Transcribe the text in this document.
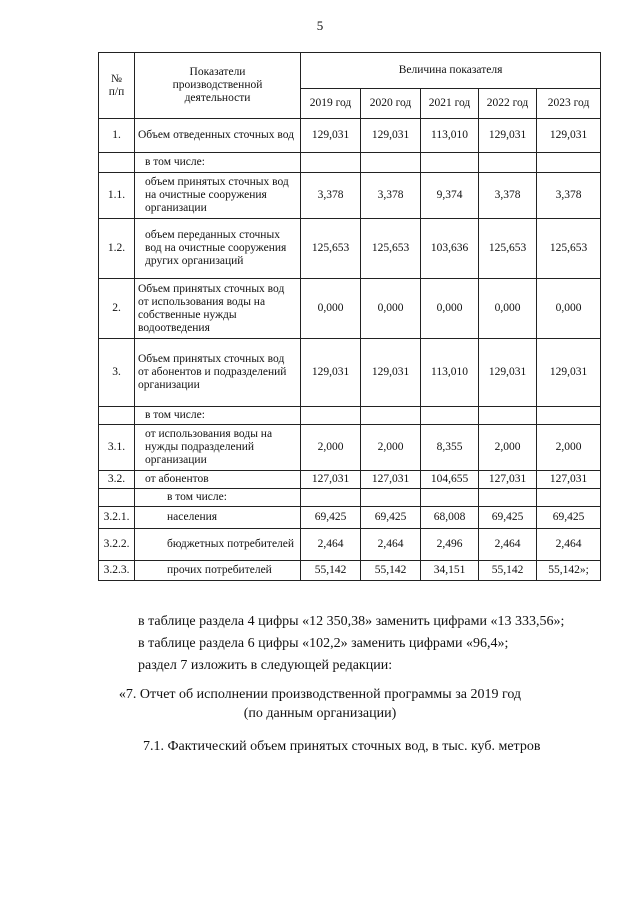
5
№
п/п	Показатели
производственной
деятельности	Величина показателя				
		2019 год	2020 год	2021 год	2022 год	2023 год
1.	Объем отведенных сточных вод	129,031	129,031	113,010	129,031	129,031
	в том числе:					
1.1.	объем принятых сточных вод на очистные сооружения организации	3,378	3,378	9,374	3,378	3,378
1.2.	объем переданных сточных вод на очистные сооружения других организаций	125,653	125,653	103,636	125,653	125,653
2.	Объем принятых сточных вод от использования воды на собственные нужды водоотведения	0,000	0,000	0,000	0,000	0,000
3.	Объем принятых сточных вод от абонентов и подразделений организации	129,031	129,031	113,010	129,031	129,031
	в том числе:					
3.1.	от использования воды на нужды подразделений организации	2,000	2,000	8,355	2,000	2,000
3.2.	от абонентов	127,031	127,031	104,655	127,031	127,031
	в том числе:					
3.2.1.	населения	69,425	69,425	68,008	69,425	69,425
3.2.2.	бюджетных потребителей	2,464	2,464	2,496	2,464	2,464
3.2.3.	прочих потребителей	55,142	55,142	34,151	55,142	55,142»;
в таблице раздела 4 цифры «12 350,38» заменить цифрами «13 333,56»;
в таблице раздела 6 цифры «102,2» заменить цифрами «96,4»;
раздел 7 изложить в следующей редакции:
«7. Отчет об исполнении производственной программы за 2019 год
(по данным организации)
7.1. Фактический объем принятых сточных вод, в тыс. куб. метров
